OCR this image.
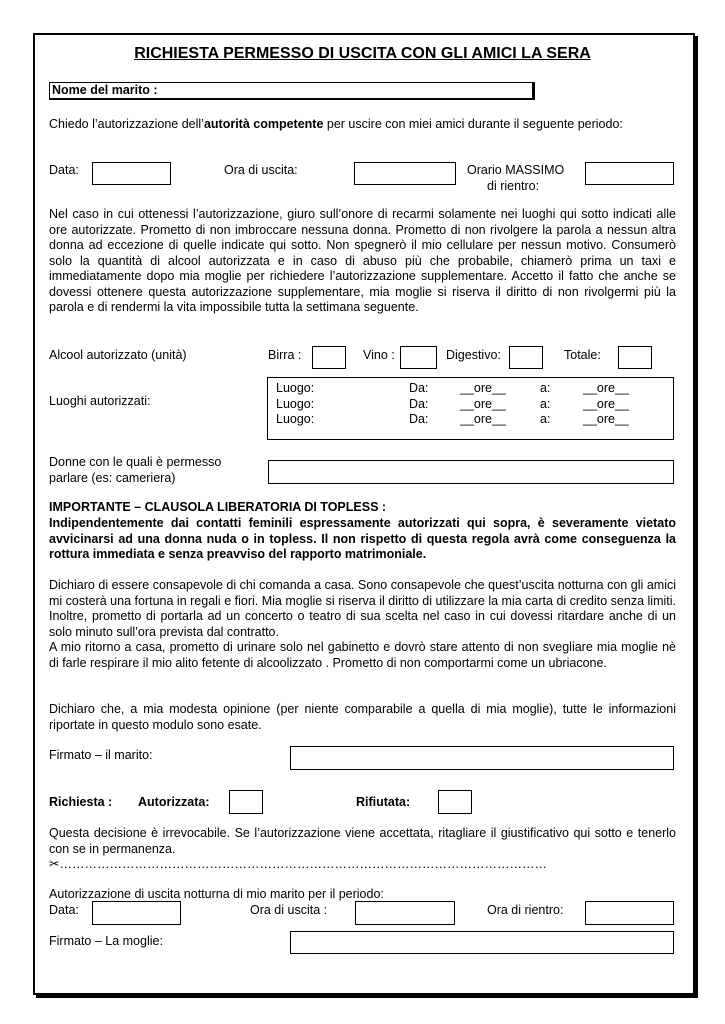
RICHIESTA PERMESSO DI USCITA CON GLI AMICI LA SERA
Nome del marito :
Chiedo l’autorizzazione dell’autorità competente per uscire con miei amici durante il seguente periodo:
Data:	Ora di uscita:	Orario MASSIMO
di rientro:
Nel caso in cui ottenessi l’autorizzazione, giuro sull’onore di recarmi solamente nei luoghi qui sotto indicati alle ore autorizzate. Prometto di non imbroccare nessuna donna. Prometto di non rivolgere la parola a nessun altra donna ad eccezione di quelle indicate qui sotto. Non spegnerò il mio cellulare per nessun motivo. Consumerò solo la quantità di alcool autorizzata e in caso di abuso più che probabile, chiamerò prima un taxi e immediatamente dopo mia moglie per richiedere l’autorizzazione supplementare. Accetto il fatto che anche se dovessi ottenere questa autorizzazione supplementare, mia moglie si riserva il diritto di non rivolgermi più la parola e di rendermi la vita impossibile tutta la settimana seguente.
Alcool autorizzato (unità)	Birra :	Vino :	Digestivo:	Totale:
Luoghi autorizzati:
Luogo:	Da:	__ore__	a:	__ore__
Luogo:	Da:	__ore__	a:	__ore__
Luogo:	Da:	__ore__	a:	__ore__
Donne con le quali è permesso
parlare (es: cameriera)
IMPORTANTE – CLAUSOLA LIBERATORIA DI TOPLESS :
Indipendentemente dai contatti feminili espressamente autorizzati qui sopra, è severamente vietato avvicinarsi ad una donna nuda o in topless. Il non rispetto di questa regola avrà come conseguenza la rottura immediata e senza preavviso del rapporto matrimoniale.
Dichiaro di essere consapevole di chi comanda a casa. Sono consapevole che quest’uscita notturna con gli amici mi costerà una fortuna in regali e fiori. Mia moglie si riserva il diritto di utilizzare la mia carta di credito senza limiti. Inoltre, prometto di portarla ad un concerto o teatro di sua scelta nel caso in cui dovessi ritardare anche di un solo minuto sull’ora prevista dal contratto.
A mio ritorno a casa, prometto di urinare solo nel gabinetto e dovrò stare attento di non svegliare mia moglie nè di farle respirare il mio alito fetente di alcoolizzato . Prometto di non comportarmi come un ubriacone.
Dichiaro che, a mia modesta opinione (per niente comparabile a quella di mia moglie), tutte le informazioni riportate in questo modulo sono esate.
Firmato – il marito:
Richiesta : Autorizzata:	Rifiutata:
Questa decisione è irrevocabile. Se l’autorizzazione viene accettata, ritagliare il giustificativo qui sotto e tenerlo con se in permanenza.
✂………………………………………………………………………………………………………
Autorizzazione di uscita notturna di mio marito per il periodo:
Data:	Ora di uscita :	Ora di rientro:
Firmato – La moglie:
